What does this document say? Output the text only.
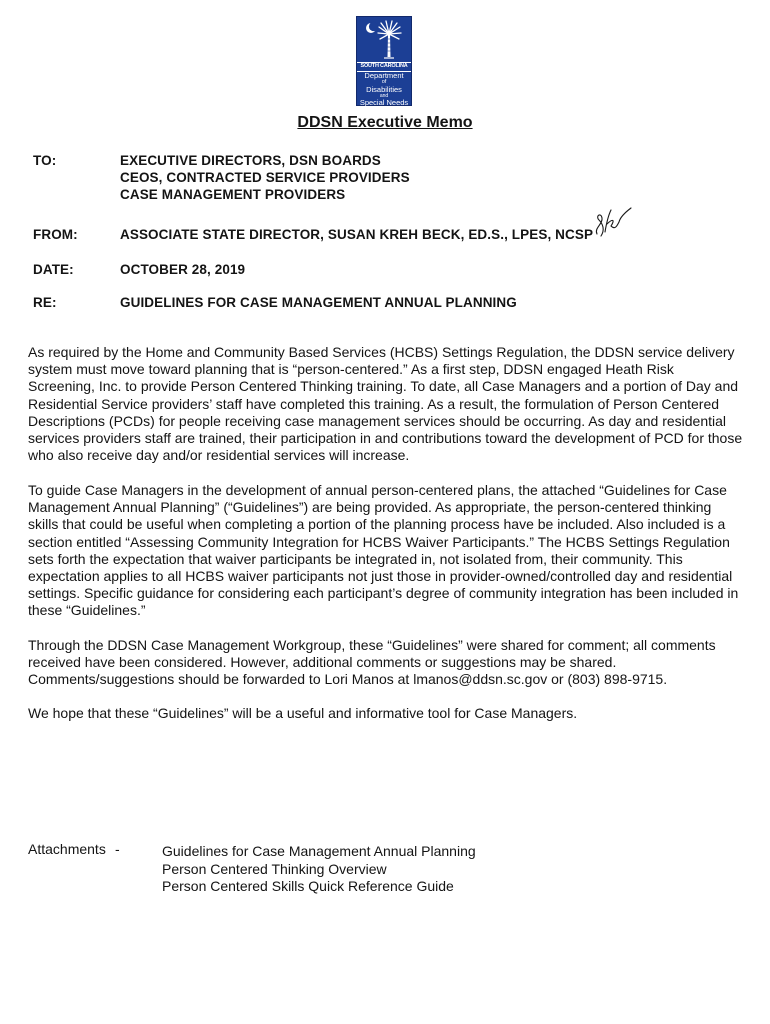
SOUTH CAROLINA
Department
of
Disabilities
and
Special Needs
DDSN Executive Memo
TO:	EXECUTIVE DIRECTORS, DSN BOARDS
CEOS, CONTRACTED SERVICE PROVIDERS
CASE MANAGEMENT PROVIDERS
FROM:	ASSOCIATE STATE DIRECTOR, SUSAN KREH BECK, ED.S., LPES, NCSP
DATE:	OCTOBER 28, 2019
RE:	GUIDELINES FOR CASE MANAGEMENT ANNUAL PLANNING
As required by the Home and Community Based Services (HCBS) Settings Regulation, the DDSN service delivery system must move toward planning that is “person-centered.” As a first step, DDSN engaged Heath Risk Screening, Inc. to provide Person Centered Thinking training. To date, all Case Managers and a portion of Day and Residential Service providers’ staff have completed this training. As a result, the formulation of Person Centered Descriptions (PCDs) for people receiving case management services should be occurring. As day and residential services providers staff are trained, their participation in and contributions toward the development of PCD for those who also receive day and/or residential services will increase.
To guide Case Managers in the development of annual person-centered plans, the attached “Guidelines for Case Management Annual Planning” (“Guidelines”) are being provided. As appropriate, the person-centered thinking skills that could be useful when completing a portion of the planning process have be included. Also included is a section entitled “Assessing Community Integration for HCBS Waiver Participants.” The HCBS Settings Regulation sets forth the expectation that waiver participants be integrated in, not isolated from, their community. This expectation applies to all HCBS waiver participants not just those in provider-owned/controlled day and residential settings. Specific guidance for considering each participant’s degree of community integration has been included in these “Guidelines.”
Through the DDSN Case Management Workgroup, these “Guidelines” were shared for comment; all comments received have been considered. However, additional comments or suggestions may be shared. Comments/suggestions should be forwarded to Lori Manos at lmanos@ddsn.sc.gov or (803) 898-9715.
We hope that these “Guidelines” will be a useful and informative tool for Case Managers.
Attachments -	Guidelines for Case Management Annual Planning
Person Centered Thinking Overview
Person Centered Skills Quick Reference Guide
